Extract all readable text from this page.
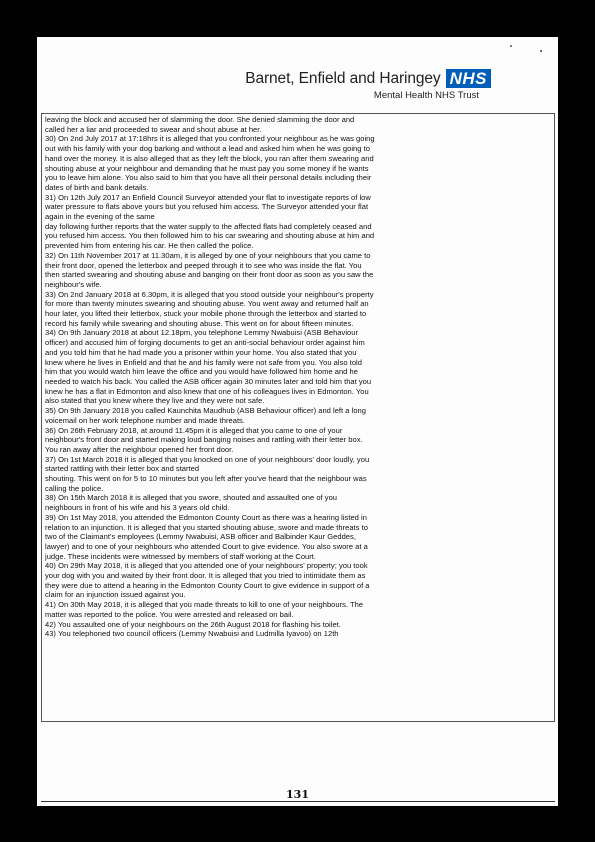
Barnet, Enfield and Haringey NHS
Mental Health NHS Trust
leaving the block and accused her of slamming the door. She denied slamming the door and
called her a liar and proceeded to swear and shout abuse at her.
30) On 2nd July 2017 at 17:18hrs it is alleged that you confronted your neighbour as he was going
out with his family with your dog barking and without a lead and asked him when he was going to
hand over the money. It is also alleged that as they left the block, you ran after them swearing and
shouting abuse at your neighbour and demanding that he must pay you some money if he wants
you to leave him alone. You also said to him that you have all their personal details including their
dates of birth and bank details.
31) On 12th July 2017 an Enfield Council Surveyor attended your flat to investigate reports of low
water pressure to flats above yours but you refused him access. The Surveyor attended your flat
again in the evening of the same
day following further reports that the water supply to the affected flats had completely ceased and
you refused him access. You then followed him to his car swearing and shouting abuse at him and
prevented him from entering his car. He then called the police.
32) On 11th November 2017 at 11.30am, it is alleged by one of your neighbours that you came to
their front door, opened the letterbox and peeped through it to see who was inside the flat. You
then started swearing and shouting abuse and banging on their front door as soon as you saw the
neighbour's wife.
33) On 2nd January 2018 at 6.30pm, it is alleged that you stood outside your neighbour's property
for more than twenty minutes swearing and shouting abuse. You went away and returned half an
hour later, you lifted their letterbox, stuck your mobile phone through the letterbox and started to
record his family while swearing and shouting abuse. This went on for about fifteen minutes.
34) On 9th January 2018 at about 12.18pm, you telephone Lemmy Nwabuisi (ASB Behaviour
officer) and accused him of forging documents to get an anti-social behaviour order against him
and you told him that he had made you a prisoner within your home. You also stated that you
knew where he lives in Enfield and that he and his family were not safe from you. You also told
him that you would watch him leave the office and you would have followed him home and he
needed to watch his back. You called the ASB officer again 30 minutes later and told him that you
knew he has a flat in Edmonton and also knew that one of his colleagues lives in Edmonton. You
also stated that you knew where they live and they were not safe.
35) On 9th January 2018 you called Kaunchita Maudhub (ASB Behaviour officer) and left a long
voicemail on her work telephone number and made threats.
36) On 26th February 2018, at around 11.45pm it is alleged that you came to one of your
neighbour's front door and started making loud banging noises and rattling with their letter box.
You ran away after the neighbour opened her front door.
37) On 1st March 2018 it is alleged that you knocked on one of your neighbours' door loudly, you
started rattling with their letter box and started
shouting. This went on for 5 to 10 minutes but you left after you've heard that the neighbour was
calling the police.
38) On 15th March 2018 it is alleged that you swore, shouted and assaulted one of you
neighbours in front of his wife and his 3 years old child.
39) On 1st May 2018, you attended the Edmonton County Court as there was a hearing listed in
relation to an injunction. It is alleged that you started shouting abuse, swore and made threats to
two of the Claimant's employees (Lemmy Nwabuisi, ASB officer and Balbinder Kaur Geddes,
lawyer) and to one of your neighbours who attended Court to give evidence. You also swore at a
judge. These incidents were witnessed by members of staff working at the Court.
40) On 29th May 2018, it is alleged that you attended one of your neighbours' property; you took
your dog with you and waited by their front door. It is alleged that you tried to intimidate them as
they were due to attend a hearing in the Edmonton County Court to give evidence in support of a
claim for an injunction issued against you.
41) On 30th May 2018, it is alleged that you made threats to kill to one of your neighbours. The
matter was reported to the police. You were arrested and released on bail.
42) You assaulted one of your neighbours on the 26th August 2018 for flashing his toilet.
43) You telephoned two council officers (Lemmy Nwabuisi and Ludmilla Iyavoo) on 12th
131
